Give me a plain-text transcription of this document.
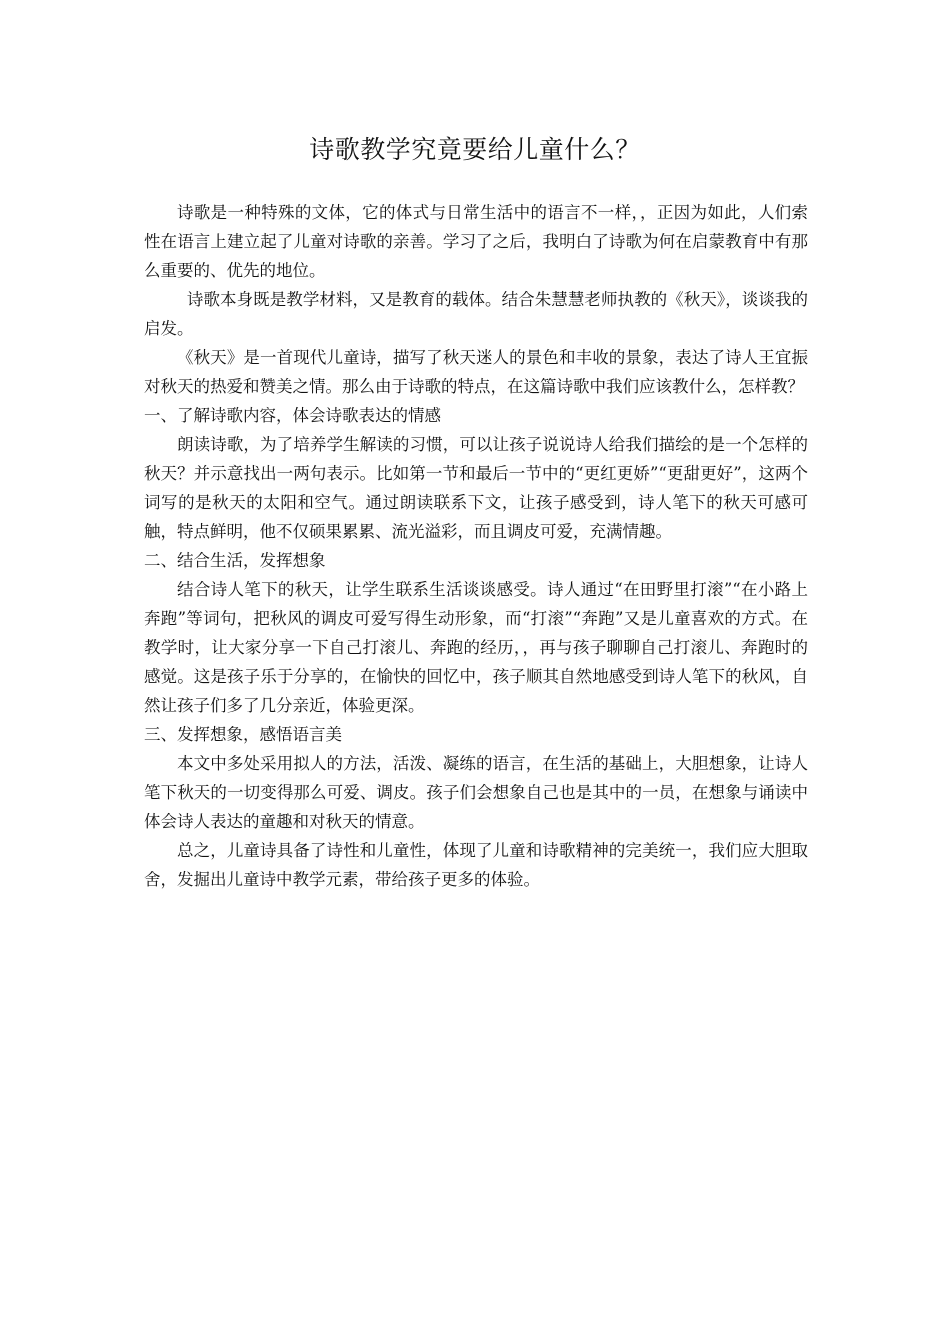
诗歌教学究竟要给儿童什么？

诗歌是一种特殊的文体，它的体式与日常生活中的语言不一样，，正因为如此，人们索性在语言上建立起了儿童对诗歌的亲善。学习了之后，我明白了诗歌为何在启蒙教育中有那么重要的、优先的地位。

诗歌本身既是教学材料，又是教育的载体。结合朱慧慧老师执教的《秋天》，谈谈我的启发。

《秋天》是一首现代儿童诗，描写了秋天迷人的景色和丰收的景象，表达了诗人王宜振对秋天的热爱和赞美之情。那么由于诗歌的特点，在这篇诗歌中我们应该教什么，怎样教？

一、了解诗歌内容，体会诗歌表达的情感

朗读诗歌，为了培养学生解读的习惯，可以让孩子说说诗人给我们描绘的是一个怎样的秋天？并示意找出一两句表示。比如第一节和最后一节中的“更红更娇”“更甜更好”，这两个词写的是秋天的太阳和空气。通过朗读联系下文，让孩子感受到，诗人笔下的秋天可感可触，特点鲜明，他不仅硕果累累、流光溢彩，而且调皮可爱，充满情趣。

二、结合生活，发挥想象

结合诗人笔下的秋天，让学生联系生活谈谈感受。诗人通过“在田野里打滚”“在小路上奔跑”等词句，把秋风的调皮可爱写得生动形象，而“打滚”“奔跑”又是儿童喜欢的方式。在教学时，让大家分享一下自己打滚儿、奔跑的经历，，再与孩子聊聊自己打滚儿、奔跑时的感觉。这是孩子乐于分享的，在愉快的回忆中，孩子顺其自然地感受到诗人笔下的秋风，自然让孩子们多了几分亲近，体验更深。

三、发挥想象，感悟语言美

本文中多处采用拟人的方法，活泼、凝练的语言，在生活的基础上，大胆想象，让诗人笔下秋天的一切变得那么可爱、调皮。孩子们会想象自己也是其中的一员，在想象与诵读中体会诗人表达的童趣和对秋天的情意。

总之，儿童诗具备了诗性和儿童性，体现了儿童和诗歌精神的完美统一，我们应大胆取舍，发掘出儿童诗中教学元素，带给孩子更多的体验。
